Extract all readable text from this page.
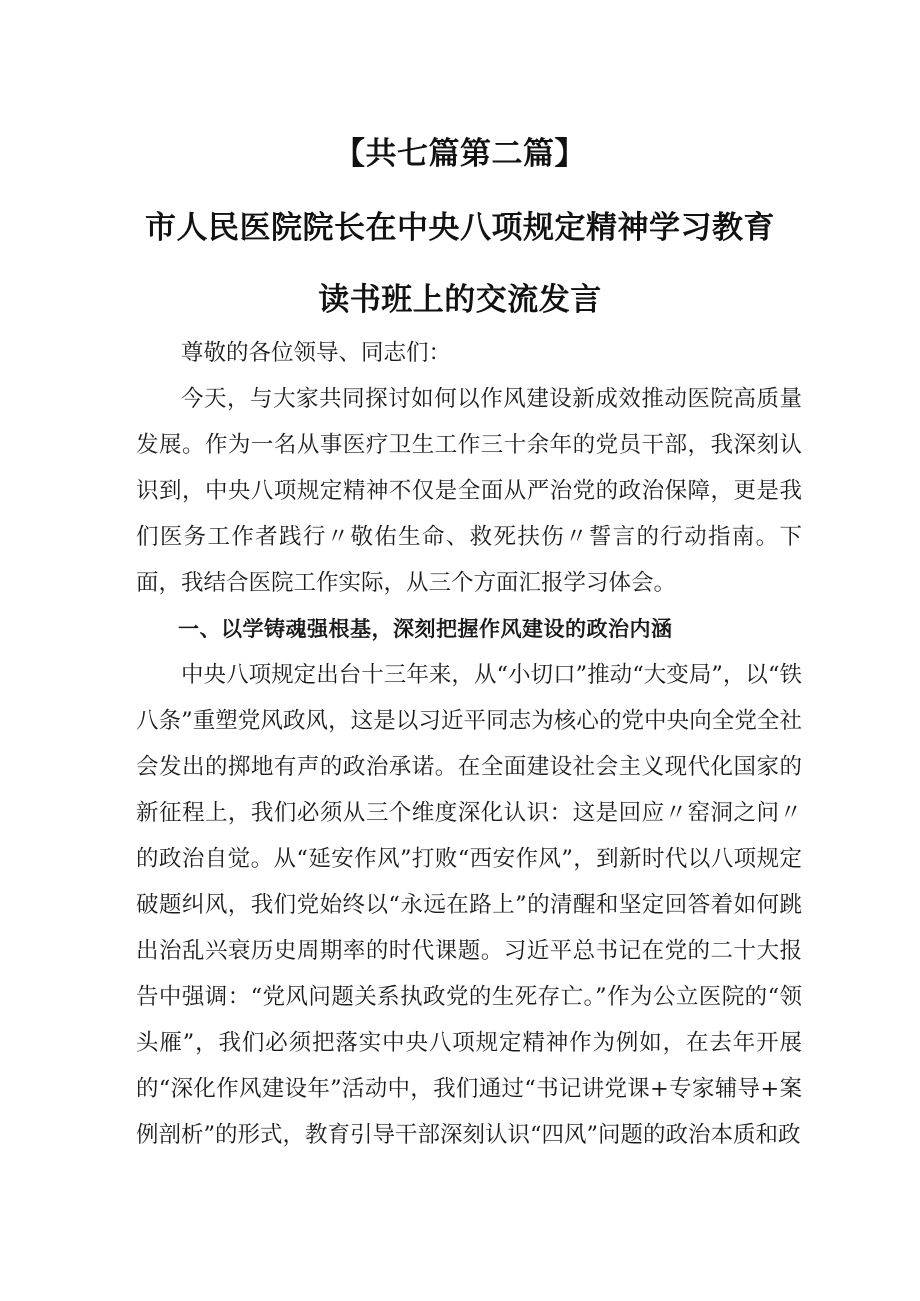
【共七篇第二篇】
市人民医院院长在中央八项规定精神学习教育
读书班上的交流发言

尊敬的各位领导、同志们：

今天，与大家共同探讨如何以作风建设新成效推动医院高质量发展。作为一名从事医疗卫生工作三十余年的党员干部，我深刻认识到，中央八项规定精神不仅是全面从严治党的政治保障，更是我们医务工作者践行〃敬佑生命、救死扶伤〃誓言的行动指南。下面，我结合医院工作实际，从三个方面汇报学习体会。

一、以学铸魂强根基，深刻把握作风建设的政治内涵

中央八项规定出台十三年来，从“小切口”推动“大变局”，以“铁八条”重塑党风政风，这是以习近平同志为核心的党中央向全党全社会发出的掷地有声的政治承诺。在全面建设社会主义现代化国家的新征程上，我们必须从三个维度深化认识：这是回应〃窑洞之问〃的政治自觉。从“延安作风”打败“西安作风”，到新时代以八项规定破题纠风，我们党始终以“永远在路上”的清醒和坚定回答着如何跳出治乱兴衰历史周期率的时代课题。习近平总书记在党的二十大报告中强调：“党风问题关系执政党的生死存亡。”作为公立医院的“领头雁”，我们必须把落实中央八项规定精神作为例如，在去年开展的“深化作风建设年”活动中，我们通过“书记讲党课+专家辅导+案例剖析”的形式，教育引导干部深刻认识“四风”问题的政治本质和政
